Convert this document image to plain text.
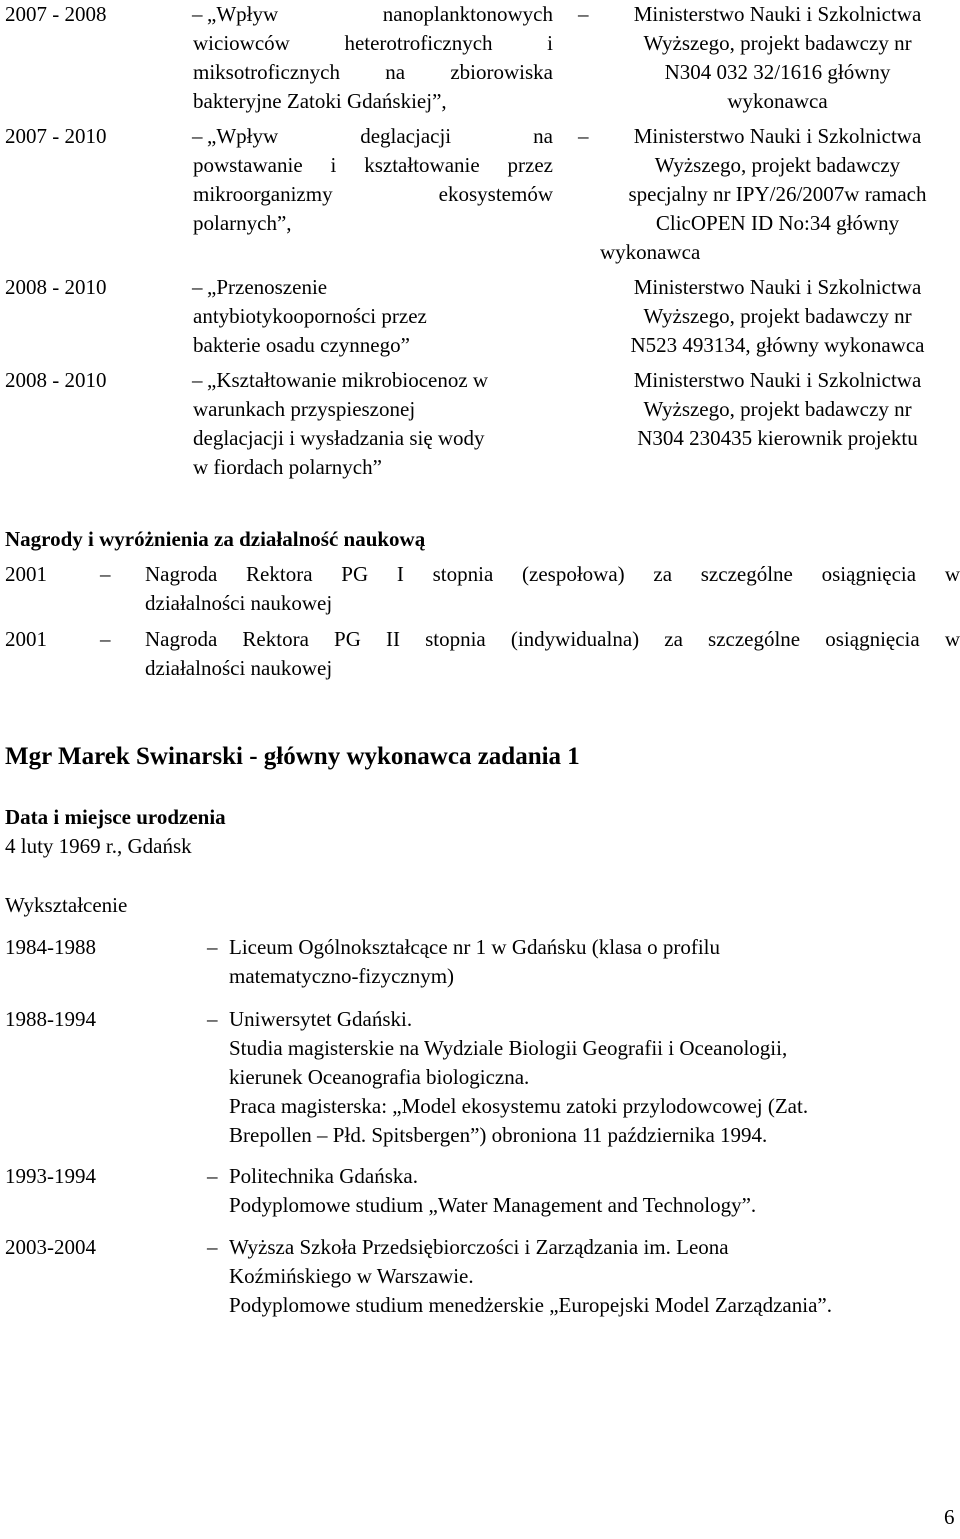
2007 - 2008	– „Wpływ nanoplanktonowych
wiciowców heterotroficznych i
miksotroficznych na zbiorowiska
bakteryjne Zatoki Gdańskiej”,
–	Ministerstwo Nauki i Szkolnictwa
Wyższego, projekt badawczy nr
N304 032 32/1616 główny
wykonawca
2007 - 2010	– „Wpływ deglacjacji na
powstawanie i kształtowanie przez
mikroorganizmy ekosystemów
polarnych”,
–	Ministerstwo Nauki i Szkolnictwa
Wyższego, projekt badawczy
specjalny nr IPY/26/2007w ramach
ClicOPEN ID No:34 główny
wykonawca
2008 - 2010	– „Przenoszenie
antybiotykooporności przez
bakterie osadu czynnego”
Ministerstwo Nauki i Szkolnictwa
Wyższego, projekt badawczy nr
N523 493134, główny wykonawca
2008 - 2010	– „Kształtowanie mikrobiocenoz w
warunkach przyspieszonej
deglacjacji i wysładzania się wody
w fiordach polarnych”
Ministerstwo Nauki i Szkolnictwa
Wyższego, projekt badawczy nr
N304 230435 kierownik projektu
Nagrody i wyróżnienia za działalność naukową
2001	– Nagroda Rektora PG I stopnia (zespołowa) za szczególne osiągnięcia w
działalności naukowej
2001	– Nagroda Rektora PG II stopnia (indywidualna) za szczególne osiągnięcia w
działalności naukowej
Mgr Marek Swinarski - główny wykonawca zadania 1
Data i miejsce urodzenia
4 luty 1969 r., Gdańsk
Wykształcenie
1984-1988	– Liceum Ogólnokształcące nr 1 w Gdańsku (klasa o profilu
matematyczno-fizycznym)
1988-1994	– Uniwersytet Gdański.
Studia magisterskie na Wydziale Biologii Geografii i Oceanologii,
kierunek Oceanografia biologiczna.
Praca magisterska: „Model ekosystemu zatoki przylodowcowej (Zat.
Brepollen – Płd. Spitsbergen”) obroniona 11 października 1994.
1993-1994	– Politechnika Gdańska.
Podyplomowe studium „Water Management and Technology”.
2003-2004	– Wyższa Szkoła Przedsiębiorczości i Zarządzania im. Leona
Koźmińskiego w Warszawie.
Podyplomowe studium menedżerskie „Europejski Model Zarządzania”.
6
